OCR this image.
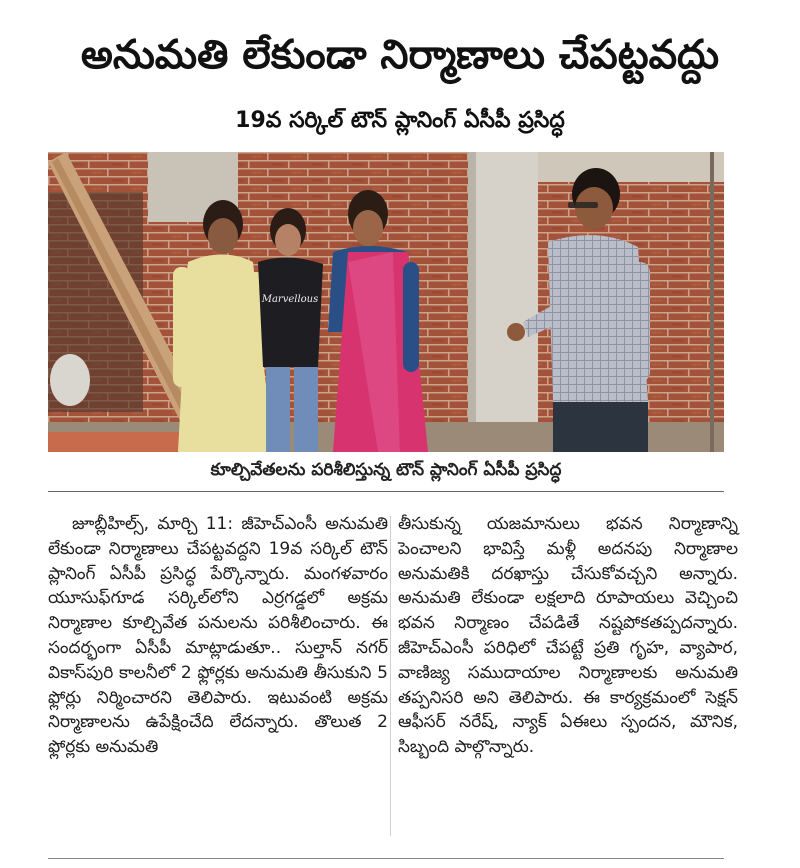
అనుమతి లేకుండా నిర్మాణాలు చేపట్టవద్దు
19వ సర్కిల్ టౌన్ ప్లానింగ్ ఏసీపీ ప్రసిద్ధ
Marvellous
కూల్చివేతలను పరిశీలిస్తున్న టౌన్ ప్లానింగ్ ఏసీపీ ప్రసిద్ధ

జూబ్లీహిల్స్, మార్చి 11: జీహెచ్ఎంసీ అనుమతి లేకుండా నిర్మాణాలు చేపట్టవద్దని 19వ సర్కిల్ టౌన్ ప్లానింగ్ ఏసీపీ ప్రసిద్ధ పేర్కొన్నారు. మంగళవారం యూసుఫ్‌గూడ సర్కిల్‌లోని ఎర్రగడ్డలో అక్రమ నిర్మాణాల కూల్చివేత పనులను పరిశీలించారు. ఈ సందర్భంగా ఏసీపీ మాట్లాడుతూ.. సుల్తాన్ నగర్ వికాస్‌పురి కాలనీలో 2 ఫ్లోర్లకు అనుమతి తీసుకుని 5 ఫ్లోర్లు నిర్మించారని తెలిపారు. ఇటువంటి అక్రమ నిర్మాణాలను ఉపేక్షించేది లేదన్నారు. తొలుత 2 ఫ్లోర్లకు అనుమతి

తీసుకున్న యజమానులు భవన నిర్మాణాన్ని పెంచాలని భావిస్తే మళ్లీ అదనపు నిర్మాణాల అనుమతికి దరఖాస్తు చేసుకోవచ్చని అన్నారు. అనుమతి లేకుండా లక్షలాది రూపాయలు వెచ్చించి భవన నిర్మాణం చేపడితే నష్టపోకతప్పదన్నారు. జీహెచ్ఎంసీ పరిధిలో చేపట్టే ప్రతి గృహ, వ్యాపార, వాణిజ్య సముదాయాల నిర్మాణాలకు అనుమతి తప్పనిసరి అని తెలిపారు. ఈ కార్యక్రమంలో సెక్షన్ ఆఫీసర్ నరేష్, న్యాక్ ఏఈలు స్పందన, మౌనిక, సిబ్బంది పాల్గొన్నారు.
